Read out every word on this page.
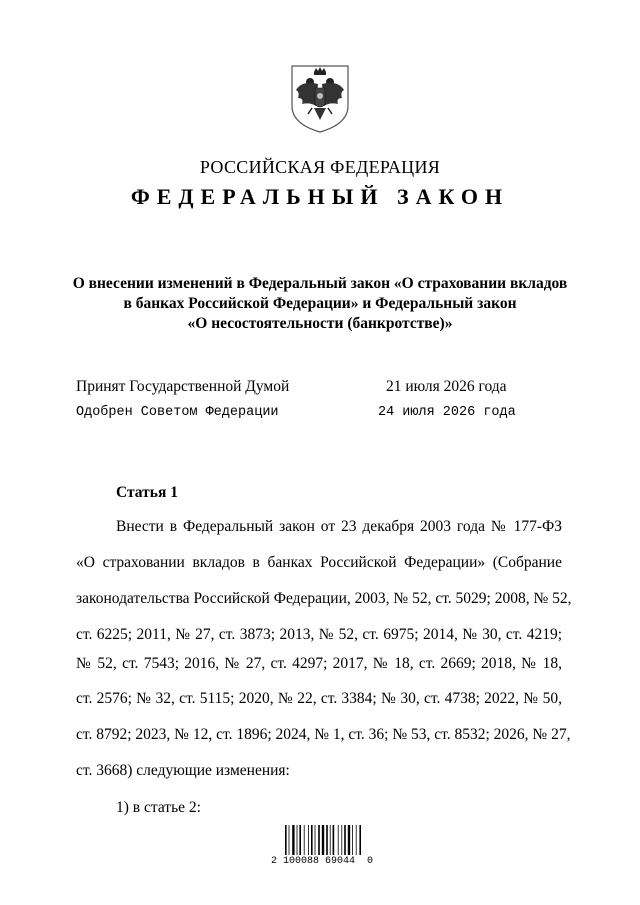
РОССИЙСКАЯ ФЕДЕРАЦИЯ
ФЕДЕРАЛЬНЫЙ ЗАКОН
О внесении изменений в Федеральный закон «О страховании вкладов
в банках Российской Федерации» и Федеральный закон
«О несостоятельности (банкротстве)»
Принят Государственной Думой	21 июля 2026 года
Одобрен Советом Федерации	24 июля 2026 года
Статья 1
Внести в Федеральный закон от 23 декабря 2003 года № 177-ФЗ
«О страховании вкладов в банках Российской Федерации» (Собрание
законодательства Российской Федерации, 2003, № 52, ст. 5029; 2008, № 52,
ст. 6225; 2011, № 27, ст. 3873; 2013, № 52, ст. 6975; 2014, № 30, ст. 4219;
№ 52, ст. 7543; 2016, № 27, ст. 4297; 2017, № 18, ст. 2669; 2018, № 18,
ст. 2576; № 32, ст. 5115; 2020, № 22, ст. 3384; № 30, ст. 4738; 2022, № 50,
ст. 8792; 2023, № 12, ст. 1896; 2024, № 1, ст. 36; № 53, ст. 8532; 2026, № 27,
ст. 3668) следующие изменения:
1) в статье 2:
2 100088 69044  0
